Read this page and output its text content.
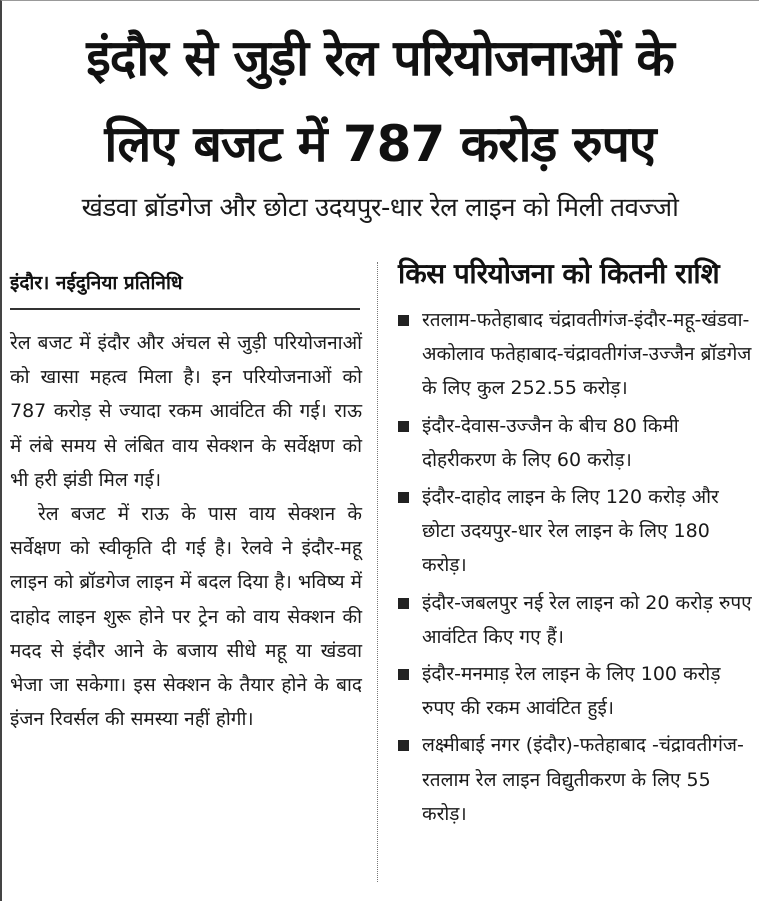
इंदौर से जुड़ी रेल परियोजनाओं के
लिए बजट में 787 करोड़ रुपए
खंडवा ब्रॉडगेज और छोटा उदयपुर-धार रेल लाइन को मिली तवज्जो
इंदौर। नईदुनिया प्रतिनिधि

रेल बजट में इंदौर और अंचल से जुड़ी परियोजनाओं को खासा महत्व मिला है। इन परियोजनाओं को 787 करोड़ से ज्यादा रकम आवंटित की गई। राऊ में लंबे समय से लंबित वाय सेक्शन के सर्वेक्षण को भी हरी झंडी मिल गई।

रेल बजट में राऊ के पास वाय सेक्शन के सर्वेक्षण को स्वीकृति दी गई है। रेलवे ने इंदौर-महू लाइन को ब्रॉडगेज लाइन में बदल दिया है। भविष्य में दाहोद लाइन शुरू होने पर ट्रेन को वाय सेक्शन की मदद से इंदौर आने के बजाय सीधे महू या खंडवा भेजा जा सकेगा। इस सेक्शन के तैयार होने के बाद इंजन रिवर्सल की समस्या नहीं होगी।

किस परियोजना को कितनी राशि
रतलाम-फतेहाबाद चंद्रावतीगंज-इंदौर-महू-खंडवा-अकोलाव फतेहाबाद-चंद्रावतीगंज-उज्जैन ब्रॉडगेज के लिए कुल 252.55 करोड़।
इंदौर-देवास-उज्जैन के बीच 80 किमी दोहरीकरण के लिए 60 करोड़।
इंदौर-दाहोद लाइन के लिए 120 करोड़ और छोटा उदयपुर-धार रेल लाइन के लिए 180 करोड़।
इंदौर-जबलपुर नई रेल लाइन को 20 करोड़ रुपए आवंटित किए गए हैं।
इंदौर-मनमाड़ रेल लाइन के लिए 100 करोड़ रुपए की रकम आवंटित हुई।
लक्ष्मीबाई नगर (इंदौर)-फतेहाबाद -चंद्रावतीगंज-रतलाम रेल लाइन विद्युतीकरण के लिए 55 करोड़।
